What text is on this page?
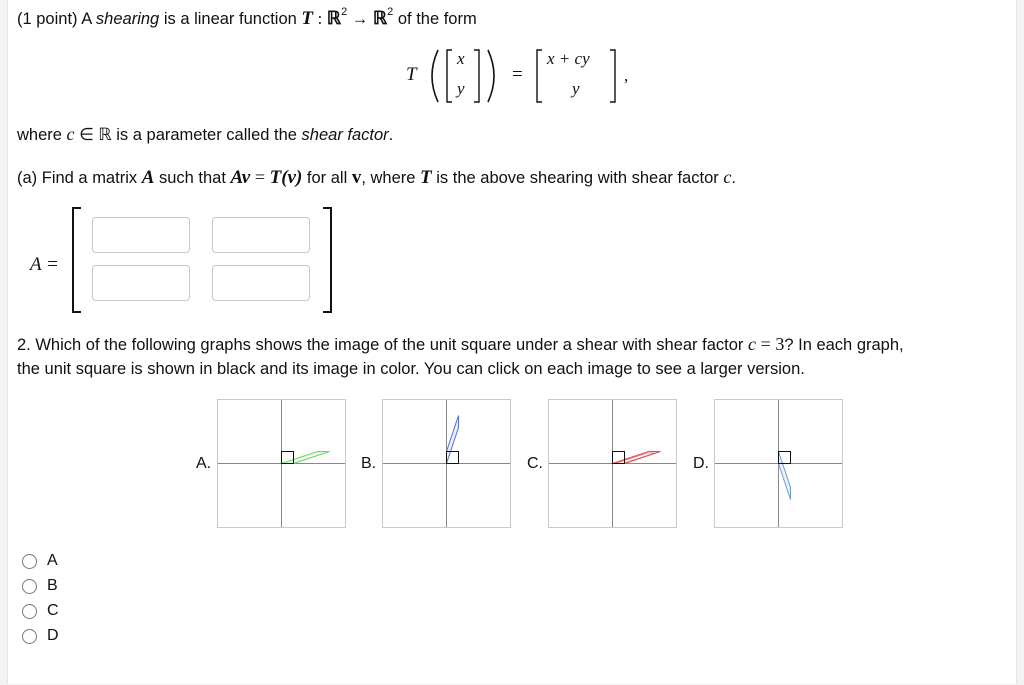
(1 point) A shearing is a linear function T : ℝ$^2$ → ℝ$^2$ of the form
T
x
y
=
x + cy
y
,
where c ∈ ℝ is a parameter called the shear factor.
(a) Find a matrix A such that Av = T(v) for all v, where T is the above shearing with shear factor c.
A =
2. Which of the following graphs shows the image of the unit square under a shear with shear factor c = 3? In each graph,
the unit square is shown in black and its image in color. You can click on each image to see a larger version.
A.	B.	C.	D.
A
B
C
D
